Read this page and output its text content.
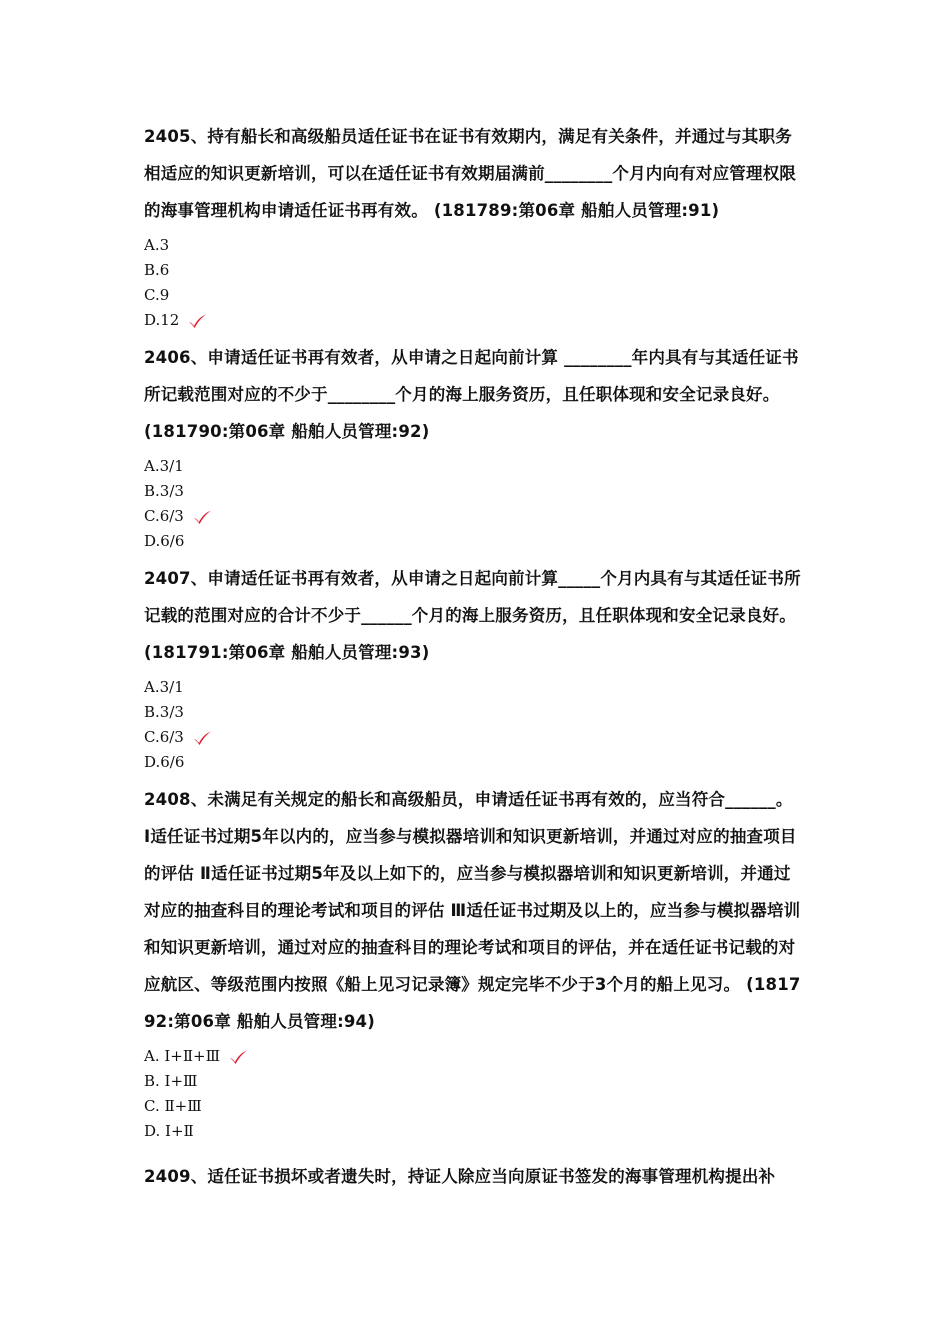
2405、持有船长和高级船员适任证书在证书有效期内，满足有关条件，并通过与其职务相适应的知识更新培训，可以在适任证书有效期届满前________个月内向有对应管理权限的海事管理机构申请适任证书再有效。 (181789:第06章 船舶人员管理:91)

A.3
B.6
C.9
D.12

2406、申请适任证书再有效者，从申请之日起向前计算 ________年内具有与其适任证书所记载范围对应的不少于________个月的海上服务资历，且任职体现和安全记录良好。 (181790:第06章 船舶人员管理:92)

A.3/1
B.3/3
C.6/3
D.6/6

2407、申请适任证书再有效者，从申请之日起向前计算_____个月内具有与其适任证书所记载的范围对应的合计不少于______个月的海上服务资历，且任职体现和安全记录良好。 (181791:第06章 船舶人员管理:93)

A.3/1
B.3/3
C.6/3
D.6/6

2408、未满足有关规定的船长和高级船员，申请适任证书再有效的，应当符合______。 Ⅰ适任证书过期5年以内的，应当参与模拟器培训和知识更新培训，并通过对应的抽查项目的评估 Ⅱ适任证书过期5年及以上如下的，应当参与模拟器培训和知识更新培训，并通过对应的抽查科目的理论考试和项目的评估 Ⅲ适任证书过期及以上的，应当参与模拟器培训和知识更新培训，通过对应的抽查科目的理论考试和项目的评估，并在适任证书记载的对应航区、等级范围内按照《船上见习记录簿》规定完毕不少于3个月的船上见习。 (181792:第06章 船舶人员管理:94)

A. Ⅰ+Ⅱ+Ⅲ
B. Ⅰ+Ⅲ
C. Ⅱ+Ⅲ
D. Ⅰ+Ⅱ

2409、适任证书损坏或者遗失时，持证人除应当向原证书签发的海事管理机构提出补
